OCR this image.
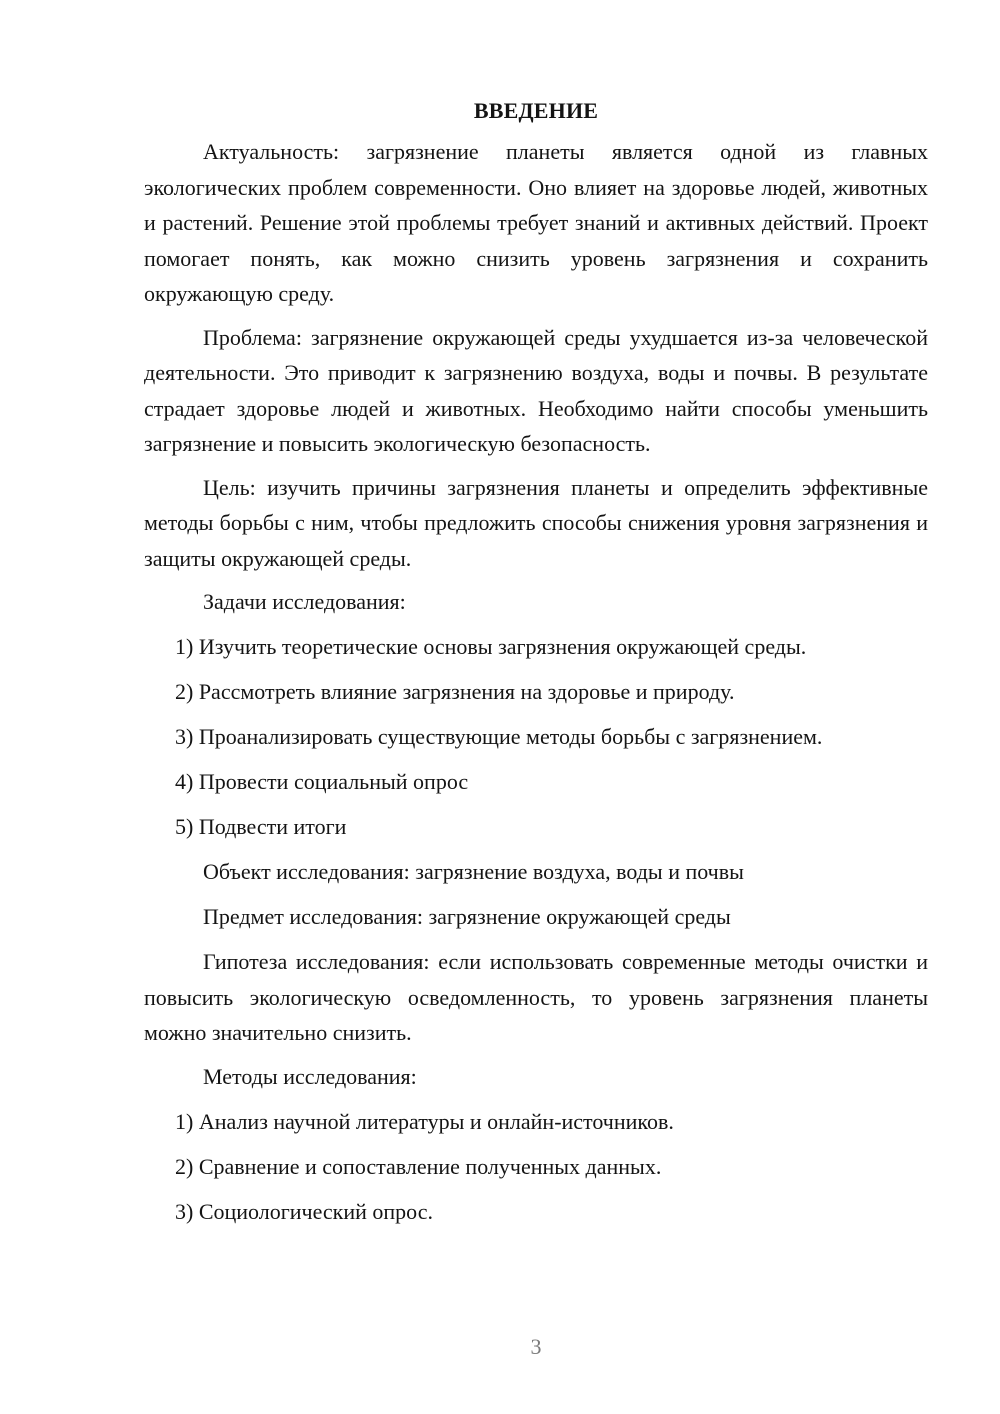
ВВЕДЕНИЕ

Актуальность: загрязнение планеты является одной из главных экологических проблем современности. Оно влияет на здоровье людей, животных и растений. Решение этой проблемы требует знаний и активных действий. Проект помогает понять, как можно снизить уровень загрязнения и сохранить окружающую среду.

Проблема: загрязнение окружающей среды ухудшается из-за человеческой деятельности. Это приводит к загрязнению воздуха, воды и почвы. В результате страдает здоровье людей и животных. Необходимо найти способы уменьшить загрязнение и повысить экологическую безопасность.

Цель: изучить причины загрязнения планеты и определить эффективные методы борьбы с ним, чтобы предложить способы снижения уровня загрязнения и защиты окружающей среды.

Задачи исследования:
1) Изучить теоретические основы загрязнения окружающей среды.
2) Рассмотреть влияние загрязнения на здоровье и природу.
3) Проанализировать существующие методы борьбы с загрязнением.
4) Провести социальный опрос
5) Подвести итоги
Объект исследования: загрязнение воздуха, воды и почвы
Предмет исследования: загрязнение окружающей среды

Гипотеза исследования: если использовать современные методы очистки и повысить экологическую осведомленность, то уровень загрязнения планеты можно значительно снизить.

Методы исследования:
1) Анализ научной литературы и онлайн-источников.
2) Сравнение и сопоставление полученных данных.
3) Социологический опрос.
3
